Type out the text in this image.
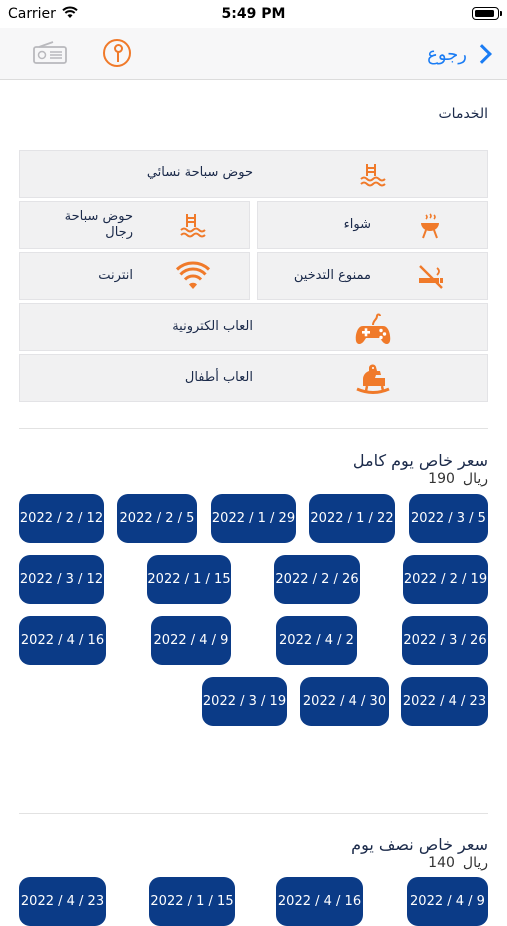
Carrier	5:49 PM
رجوع
الخدمات
حوض سباحة نسائي
شواء
حوض سباحة رجال
ممنوع التدخين
انترنت
العاب الكترونية
العاب أطفال
سعر خاص يوم كامل
190 ريال
2022 / 3 / 5
2022 / 1 / 22
2022 / 1 / 29
2022 / 2 / 5
2022 / 2 / 12
2022 / 2 / 19
2022 / 2 / 26
2022 / 1 / 15
2022 / 3 / 12
2022 / 3 / 26
2022 / 4 / 2
2022 / 4 / 9
2022 / 4 / 16
2022 / 4 / 23
2022 / 4 / 30
2022 / 3 / 19
سعر خاص نصف يوم
140 ريال
2022 / 4 / 9
2022 / 4 / 16
2022 / 1 / 15
2022 / 4 / 23
